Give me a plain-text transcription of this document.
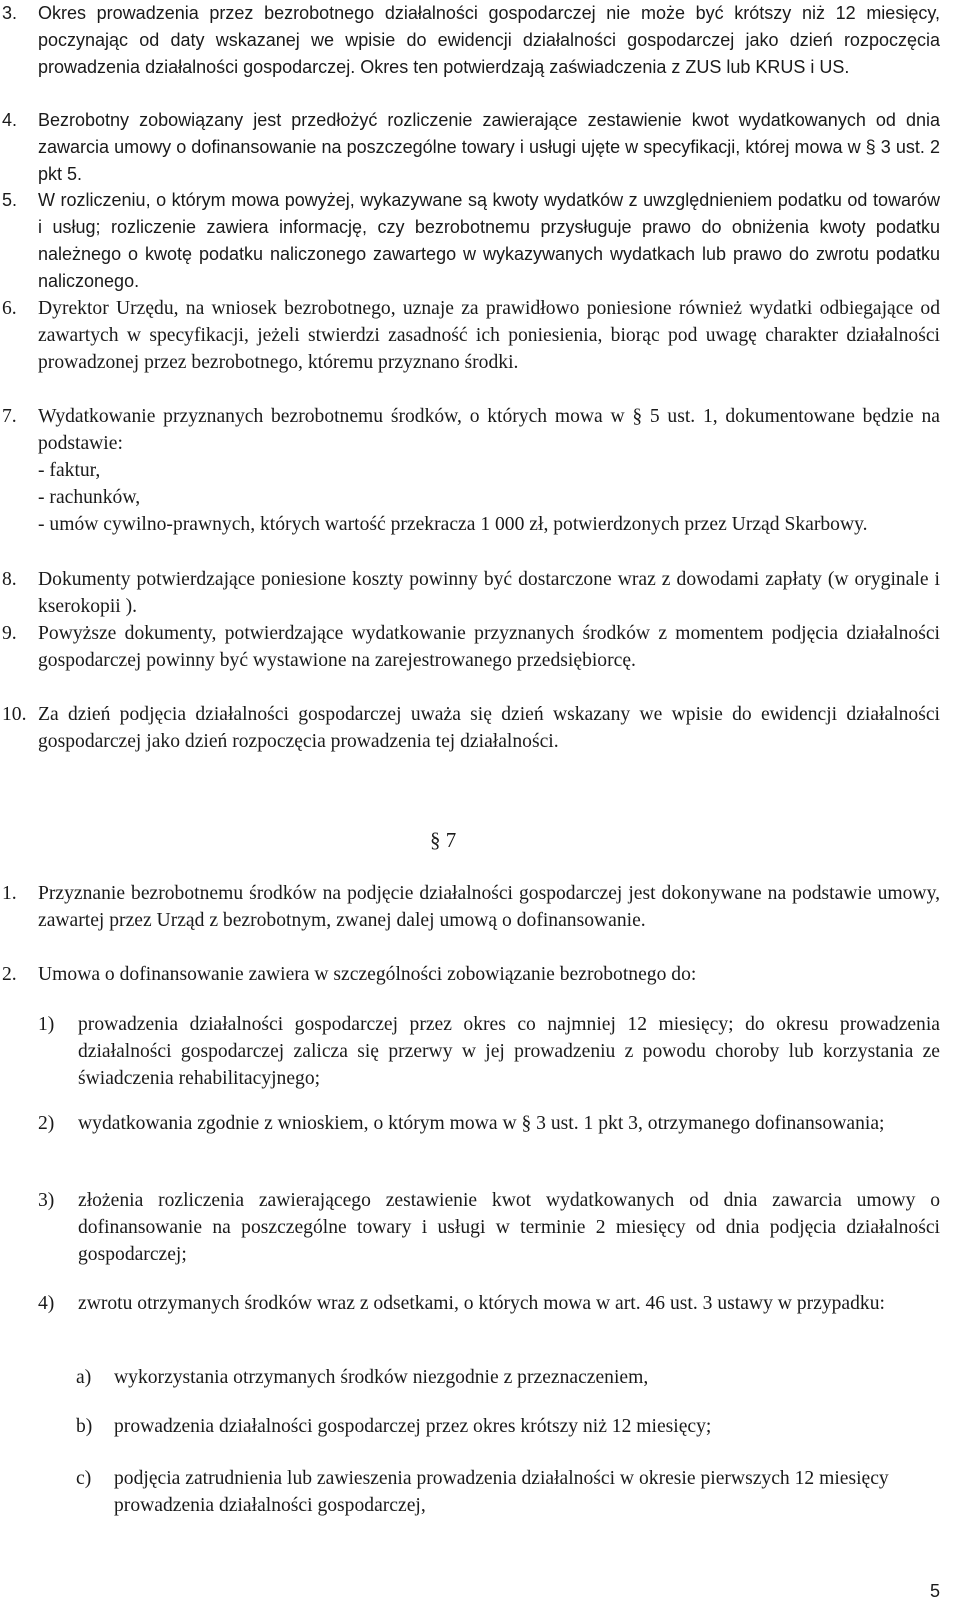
3. Okres prowadzenia przez bezrobotnego działalności gospodarczej nie może być krótszy niż 12 miesięcy, poczynając od daty wskazanej we wpisie do ewidencji działalności gospodarczej jako dzień rozpoczęcia prowadzenia działalności gospodarczej. Okres ten potwierdzają zaświadczenia z ZUS lub KRUS i US.
4. Bezrobotny zobowiązany jest przedłożyć rozliczenie zawierające zestawienie kwot wydatkowanych od dnia zawarcia umowy o dofinansowanie na poszczególne towary i usługi ujęte w specyfikacji, której mowa w § 3 ust. 2 pkt 5.
5. W rozliczeniu, o którym mowa powyżej, wykazywane są kwoty wydatków z uwzględnieniem podatku od towarów i usług; rozliczenie zawiera informację, czy bezrobotnemu przysługuje prawo do obniżenia kwoty podatku należnego o kwotę podatku naliczonego zawartego w wykazywanych wydatkach lub prawo do zwrotu podatku naliczonego.
6. Dyrektor Urzędu, na wniosek bezrobotnego, uznaje za prawidłowo poniesione również wydatki odbiegające od zawartych w specyfikacji, jeżeli stwierdzi zasadność ich poniesienia, biorąc pod uwagę charakter działalności prowadzonej przez bezrobotnego, któremu przyznano środki.
7. Wydatkowanie przyznanych bezrobotnemu środków, o których mowa w § 5 ust. 1, dokumentowane będzie na podstawie:
- faktur,
- rachunków,
- umów cywilno-prawnych, których wartość przekracza 1 000 zł, potwierdzonych przez Urząd Skarbowy.
8. Dokumenty potwierdzające poniesione koszty powinny być dostarczone wraz z dowodami zapłaty (w oryginale i kserokopii ).
9. Powyższe dokumenty, potwierdzające wydatkowanie przyznanych środków z momentem podjęcia działalności gospodarczej powinny być wystawione na zarejestrowanego przedsiębiorcę.
10. Za dzień podjęcia działalności gospodarczej uważa się dzień wskazany we wpisie do ewidencji działalności gospodarczej jako dzień rozpoczęcia prowadzenia tej działalności.
§ 7
1. Przyznanie bezrobotnemu środków na podjęcie działalności gospodarczej jest dokonywane na podstawie umowy, zawartej przez Urząd z bezrobotnym, zwanej dalej umową o dofinansowanie.
2. Umowa o dofinansowanie zawiera w szczególności zobowiązanie bezrobotnego do:
1) prowadzenia działalności gospodarczej przez okres co najmniej 12 miesięcy; do okresu prowadzenia działalności gospodarczej zalicza się przerwy w jej prowadzeniu z powodu choroby lub korzystania ze świadczenia rehabilitacyjnego;
2) wydatkowania zgodnie z wnioskiem, o którym mowa w § 3 ust. 1 pkt 3, otrzymanego dofinansowania;
3) złożenia rozliczenia zawierającego zestawienie kwot wydatkowanych od dnia zawarcia umowy o dofinansowanie na poszczególne towary i usługi w terminie 2 miesięcy od dnia podjęcia działalności gospodarczej;
4) zwrotu otrzymanych środków wraz z odsetkami, o których mowa w art. 46 ust. 3 ustawy w przypadku:
a) wykorzystania otrzymanych środków niezgodnie z przeznaczeniem,
b) prowadzenia działalności gospodarczej przez okres krótszy niż 12 miesięcy;
c) podjęcia zatrudnienia lub zawieszenia prowadzenia działalności w okresie pierwszych 12 miesięcy prowadzenia działalności gospodarczej,
5
